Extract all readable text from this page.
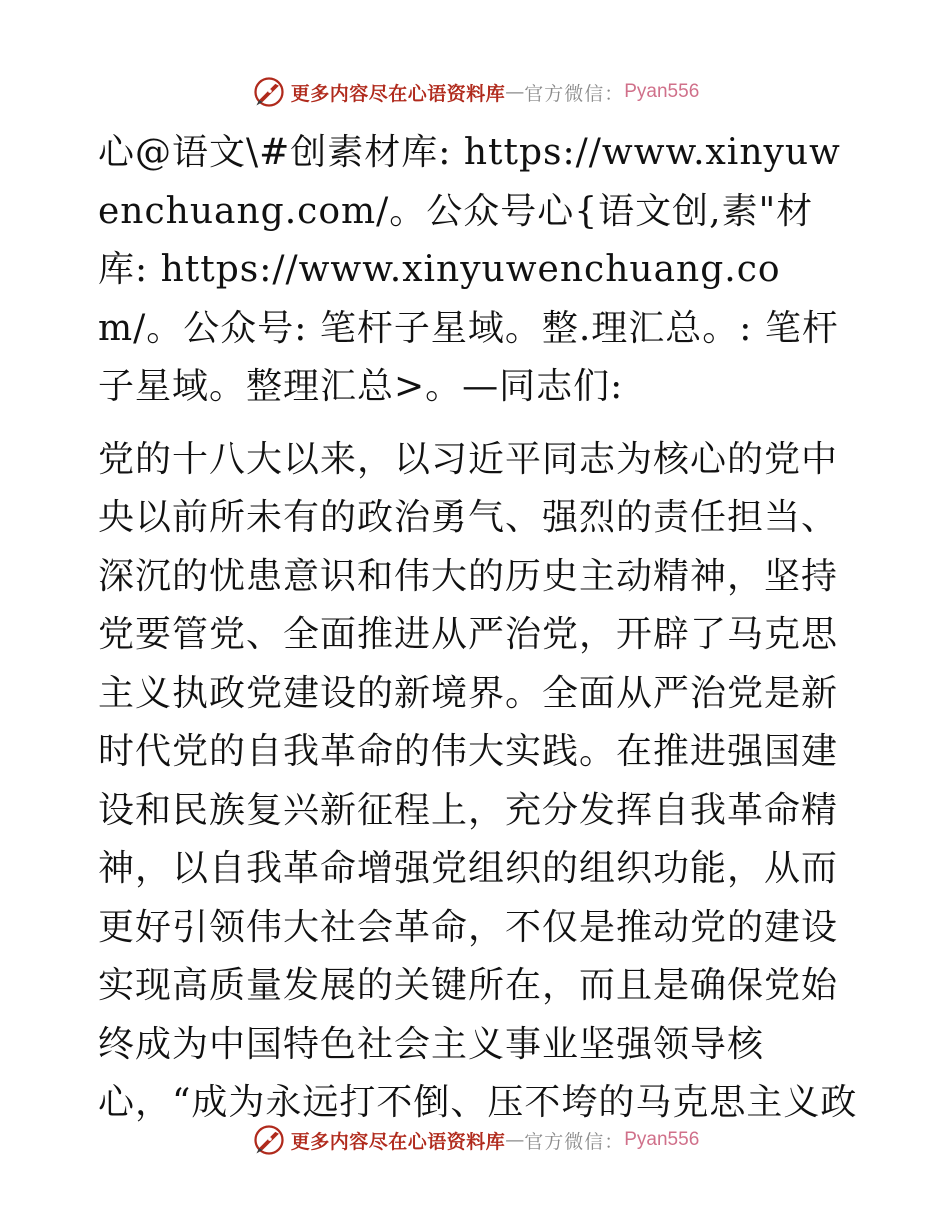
更多内容尽在心语资料库 — 官方微信： Pyan556

心@语文\#创素材库: https://www.xinyuwenchuang.com/。公众号心{语文创,素"材库: https://www.xinyuwenchuang.com/。公众号: 笔杆子星域。整.理汇总。: 笔杆子星域。整理汇总>。—同志们:

党的十八大以来，以习近平同志为核心的党中央以前所未有的政治勇气、强烈的责任担当、深沉的忧患意识和伟大的历史主动精神，坚持党要管党、全面推进从严治党，开辟了马克思主义执政党建设的新境界。全面从严治党是新时代党的自我革命的伟大实践。在推进强国建设和民族复兴新征程上，充分发挥自我革命精神，以自我革命增强党组织的组织功能，从而更好引领伟大社会革命，不仅是推动党的建设实现高质量发展的关键所在，而且是确保党始终成为中国特色社会主义事业坚强领导核心，“成为永远打不倒、压不垮的马克思主义政

更多内容尽在心语资料库 — 官方微信： Pyan556
